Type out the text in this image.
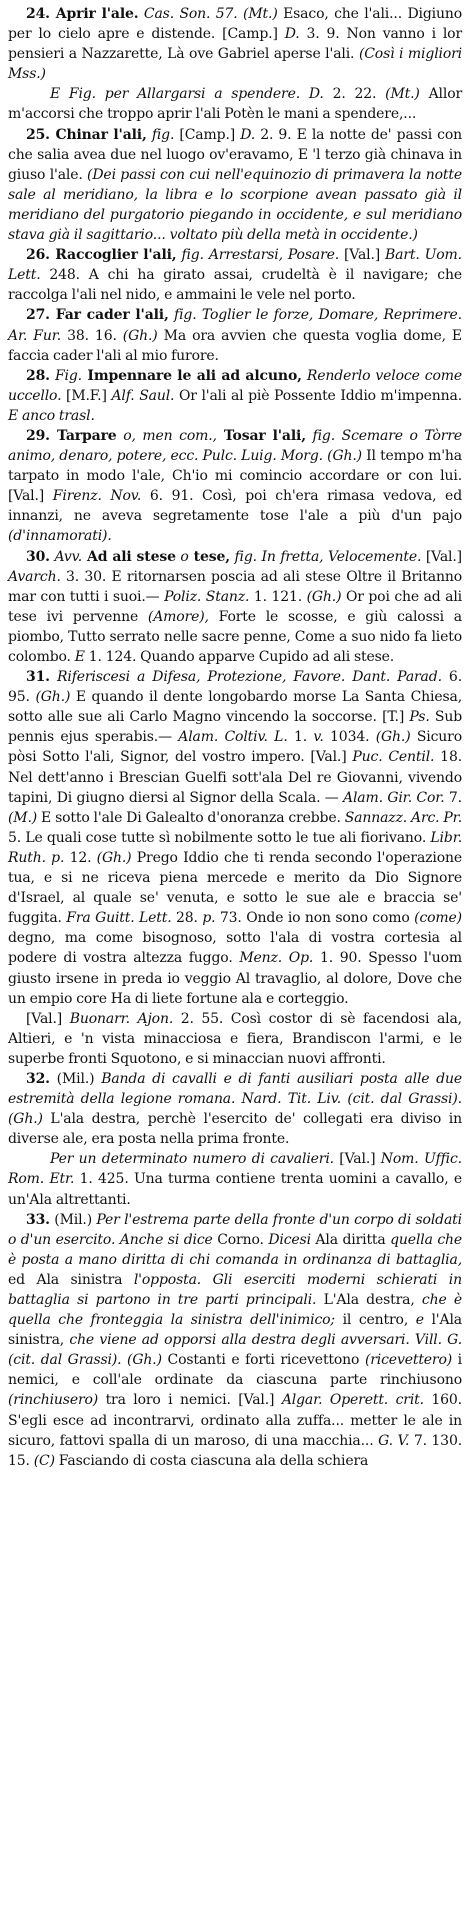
24. Aprir l'ale. Cas. Son. 57. (Mt.) Esaco, che l'ali... Digiuno per lo cielo apre e distende. [Camp.] D. 3. 9. Non vanno i lor pensieri a Nazzarette, Là ove Gabriel aperse l'ali. (Così i migliori Mss.)

E Fig. per Allargarsi a spendere. D. 2. 22. (Mt.) Allor m'accorsi che troppo aprir l'ali Potèn le mani a spendere,...

25. Chinar l'ali, fig. [Camp.] D. 2. 9. E la notte de' passi con che salia avea due nel luogo ov'eravamo, E 'l terzo già chinava in giuso l'ale. (Dei passi con cui nell'equinozio di primavera la notte sale al meridiano, la libra e lo scorpione avean passato già il meridiano del purgatorio piegando in occidente, e sul meridiano stava già il sagittario... voltato più della metà in occidente.)

26. Raccoglier l'ali, fig. Arrestarsi, Posare. [Val.] Bart. Uom. Lett. 248. A chi ha girato assai, crudeltà è il navigare; che raccolga l'ali nel nido, e ammaini le vele nel porto.

27. Far cader l'ali, fig. Toglier le forze, Domare, Reprimere. Ar. Fur. 38. 16. (Gh.) Ma ora avvien che questa voglia dome, E faccia cader l'ali al mio furore.

28. Fig. Impennare le ali ad alcuno, Renderlo veloce come uccello. [M.F.] Alf. Saul. Or l'ali al piè Possente Iddio m'impenna. E anco trasl.

29. Tarpare o, men com., Tosar l'ali, fig. Scemare o Tòrre animo, denaro, potere, ecc. Pulc. Luig. Morg. (Gh.) Il tempo m'ha tarpato in modo l'ale, Ch'io mi comincio accordare or con lui. [Val.] Firenz. Nov. 6. 91. Così, poi ch'era rimasa vedova, ed innanzi, ne aveva segretamente tose l'ale a più d'un pajo (d'innamorati).

30. Avv. Ad ali stese o tese, fig. In fretta, Velocemente. [Val.] Avarch. 3. 30. E ritornarsen poscia ad ali stese Oltre il Britanno mar con tutti i suoi.— Poliz. Stanz. 1. 121. (Gh.) Or poi che ad ali tese ivi pervenne (Amore), Forte le scosse, e giù calossi a piombo, Tutto serrato nelle sacre penne, Come a suo nido fa lieto colombo. E 1. 124. Quando apparve Cupido ad ali stese.

31. Riferiscesi a Difesa, Protezione, Favore. Dant. Parad. 6. 95. (Gh.) E quando il dente longobardo morse La Santa Chiesa, sotto alle sue ali Carlo Magno vincendo la soccorse. [T.] Ps. Sub pennis ejus sperabis.— Alam. Coltiv. L. 1. v. 1034. (Gh.) Sicuro pòsi Sotto l'ali, Signor, del vostro impero. [Val.] Puc. Centil. 18. Nel dett'anno i Brescian Guelfi sott'ala Del re Giovanni, vivendo tapini, Di giugno diersi al Signor della Scala. — Alam. Gir. Cor. 7. (M.) E sotto l'ale Di Galealto d'onoranza crebbe. Sannazz. Arc. Pr. 5. Le quali cose tutte sì nobilmente sotto le tue ali fiorivano. Libr. Ruth. p. 12. (Gh.) Prego Iddio che ti renda secondo l'operazione tua, e si ne riceva piena mercede e merito da Dio Signore d'Israel, al quale se' venuta, e sotto le sue ale e braccia se' fuggita. Fra Guitt. Lett. 28. p. 73. Onde io non sono como (come) degno, ma come bisognoso, sotto l'ala di vostra cortesia al podere di vostra altezza fuggo. Menz. Op. 1. 90. Spesso l'uom giusto irsene in preda io veggio Al travaglio, al dolore, Dove che un empio core Ha di liete fortune ala e corteggio.

[Val.] Buonarr. Ajon. 2. 55. Così costor di sè facendosi ala, Altieri, e 'n vista minacciosa e fiera, Brandiscon l'armi, e le superbe fronti Squotono, e si minaccian nuovi affronti.

32. (Mil.) Banda di cavalli e di fanti ausiliari posta alle due estremità della legione romana. Nard. Tit. Liv. (cit. dal Grassi). (Gh.) L'ala destra, perchè l'esercito de' collegati era diviso in diverse ale, era posta nella prima fronte.

Per un determinato numero di cavalieri. [Val.] Nom. Uffic. Rom. Etr. 1. 425. Una turma contiene trenta uomini a cavallo, e un'Ala altrettanti.

33. (Mil.) Per l'estrema parte della fronte d'un corpo di soldati o d'un esercito. Anche si dice Corno. Dicesi Ala diritta quella che è posta a mano diritta di chi comanda in ordinanza di battaglia, ed Ala sinistra l'opposta. Gli eserciti moderni schierati in battaglia si partono in tre parti principali. L'Ala destra, che è quella che fronteggia la sinistra dell'inimico; il centro, e l'Ala sinistra, che viene ad opporsi alla destra degli avversari. Vill. G. (cit. dal Grassi). (Gh.) Costanti e forti ricevettono (ricevettero) i nemici, e coll'ale ordinate da ciascuna parte rinchiusono (rinchiusero) tra loro i nemici. [Val.] Algar. Operett. crit. 160. S'egli esce ad incontrarvi, ordinato alla zuffa... metter le ale in sicuro, fattovi spalla di un maroso, di una macchia... G. V. 7. 130. 15. (C) Fasciando di costa ciascuna ala della schiera
